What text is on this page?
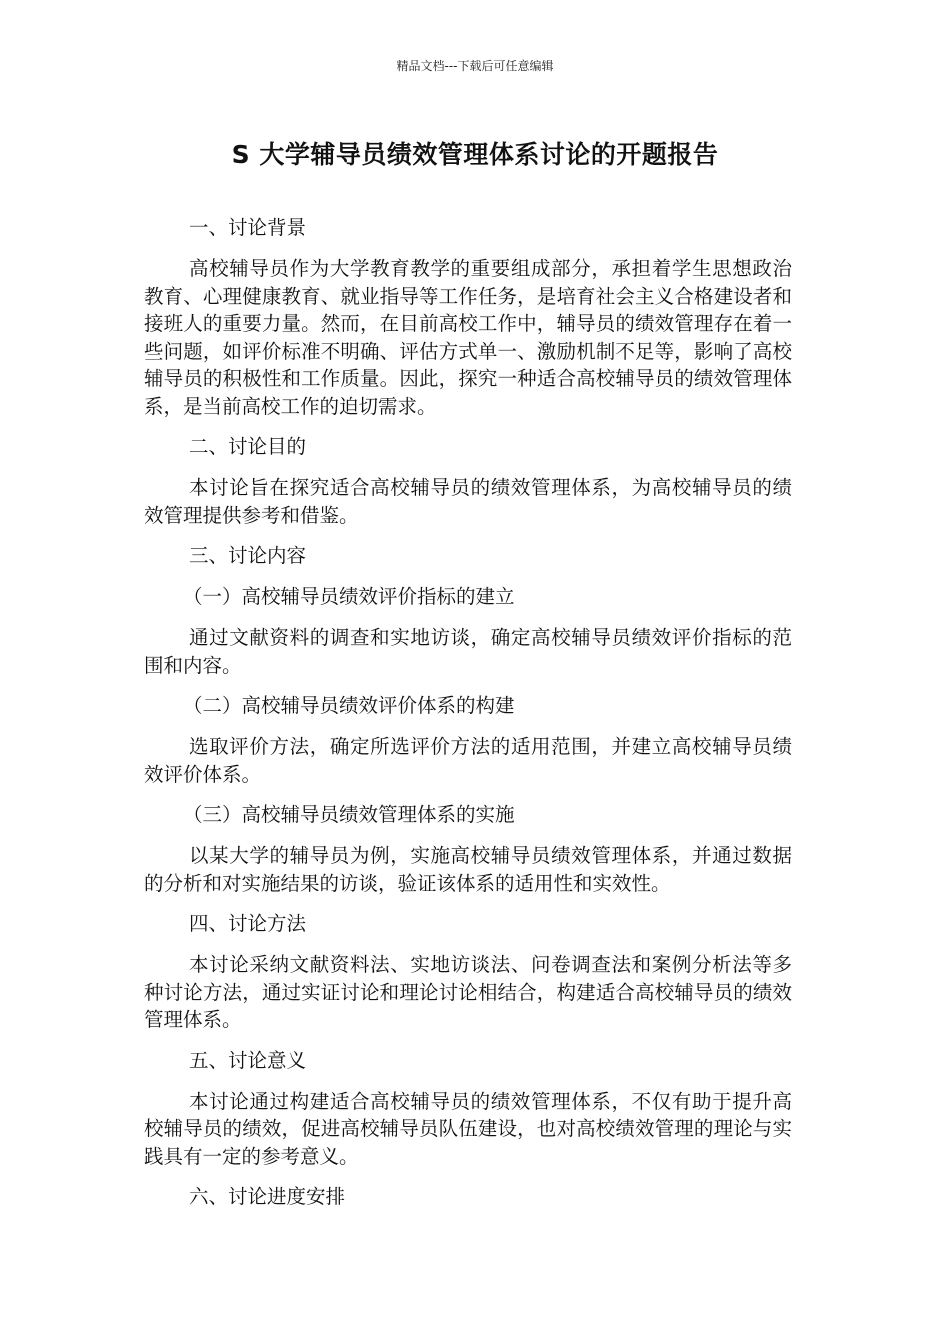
精品文档---下载后可任意编辑
S 大学辅导员绩效管理体系讨论的开题报告
一、讨论背景
高校辅导员作为大学教育教学的重要组成部分，承担着学生思想政治教育、心理健康教育、就业指导等工作任务，是培育社会主义合格建设者和接班人的重要力量。然而，在目前高校工作中，辅导员的绩效管理存在着一些问题，如评价标准不明确、评估方式单一、激励机制不足等，影响了高校辅导员的积极性和工作质量。因此，探究一种适合高校辅导员的绩效管理体系，是当前高校工作的迫切需求。
二、讨论目的
本讨论旨在探究适合高校辅导员的绩效管理体系，为高校辅导员的绩效管理提供参考和借鉴。
三、讨论内容
（一）高校辅导员绩效评价指标的建立
通过文献资料的调查和实地访谈，确定高校辅导员绩效评价指标的范围和内容。
（二）高校辅导员绩效评价体系的构建
选取评价方法，确定所选评价方法的适用范围，并建立高校辅导员绩效评价体系。
（三）高校辅导员绩效管理体系的实施
以某大学的辅导员为例，实施高校辅导员绩效管理体系，并通过数据的分析和对实施结果的访谈，验证该体系的适用性和实效性。
四、讨论方法
本讨论采纳文献资料法、实地访谈法、问卷调查法和案例分析法等多种讨论方法，通过实证讨论和理论讨论相结合，构建适合高校辅导员的绩效管理体系。
五、讨论意义
本讨论通过构建适合高校辅导员的绩效管理体系，不仅有助于提升高校辅导员的绩效，促进高校辅导员队伍建设，也对高校绩效管理的理论与实践具有一定的参考意义。
六、讨论进度安排
